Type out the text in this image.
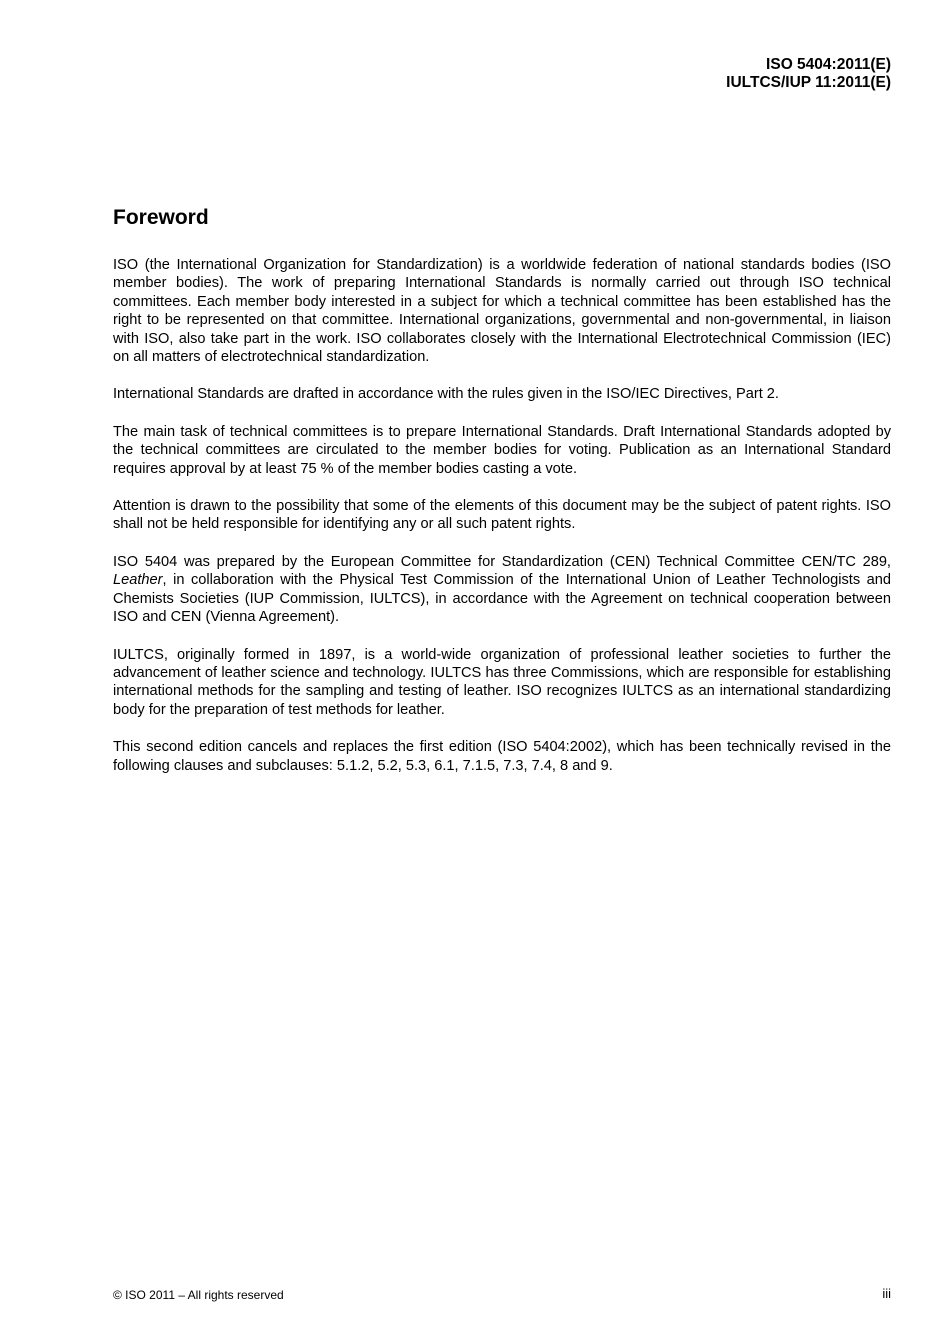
ISO 5404:2011(E)
IULTCS/IUP 11:2011(E)
Foreword

ISO (the International Organization for Standardization) is a worldwide federation of national standards bodies (ISO member bodies). The work of preparing International Standards is normally carried out through ISO technical committees. Each member body interested in a subject for which a technical committee has been established has the right to be represented on that committee. International organizations, governmental and non-governmental, in liaison with ISO, also take part in the work. ISO collaborates closely with the International Electrotechnical Commission (IEC) on all matters of electrotechnical standardization.

International Standards are drafted in accordance with the rules given in the ISO/IEC Directives, Part 2.

The main task of technical committees is to prepare International Standards. Draft International Standards adopted by the technical committees are circulated to the member bodies for voting. Publication as an International Standard requires approval by at least 75 % of the member bodies casting a vote.

Attention is drawn to the possibility that some of the elements of this document may be the subject of patent rights. ISO shall not be held responsible for identifying any or all such patent rights.

ISO 5404 was prepared by the European Committee for Standardization (CEN) Technical Committee CEN/TC 289, Leather, in collaboration with the Physical Test Commission of the International Union of Leather Technologists and Chemists Societies (IUP Commission, IULTCS), in accordance with the Agreement on technical cooperation between ISO and CEN (Vienna Agreement).

IULTCS, originally formed in 1897, is a world-wide organization of professional leather societies to further the advancement of leather science and technology. IULTCS has three Commissions, which are responsible for establishing international methods for the sampling and testing of leather. ISO recognizes IULTCS as an international standardizing body for the preparation of test methods for leather.

This second edition cancels and replaces the first edition (ISO 5404:2002), which has been technically revised in the following clauses and subclauses: 5.1.2, 5.2, 5.3, 6.1, 7.1.5, 7.3, 7.4, 8 and 9.

© ISO 2011 – All rights reserved	iii
